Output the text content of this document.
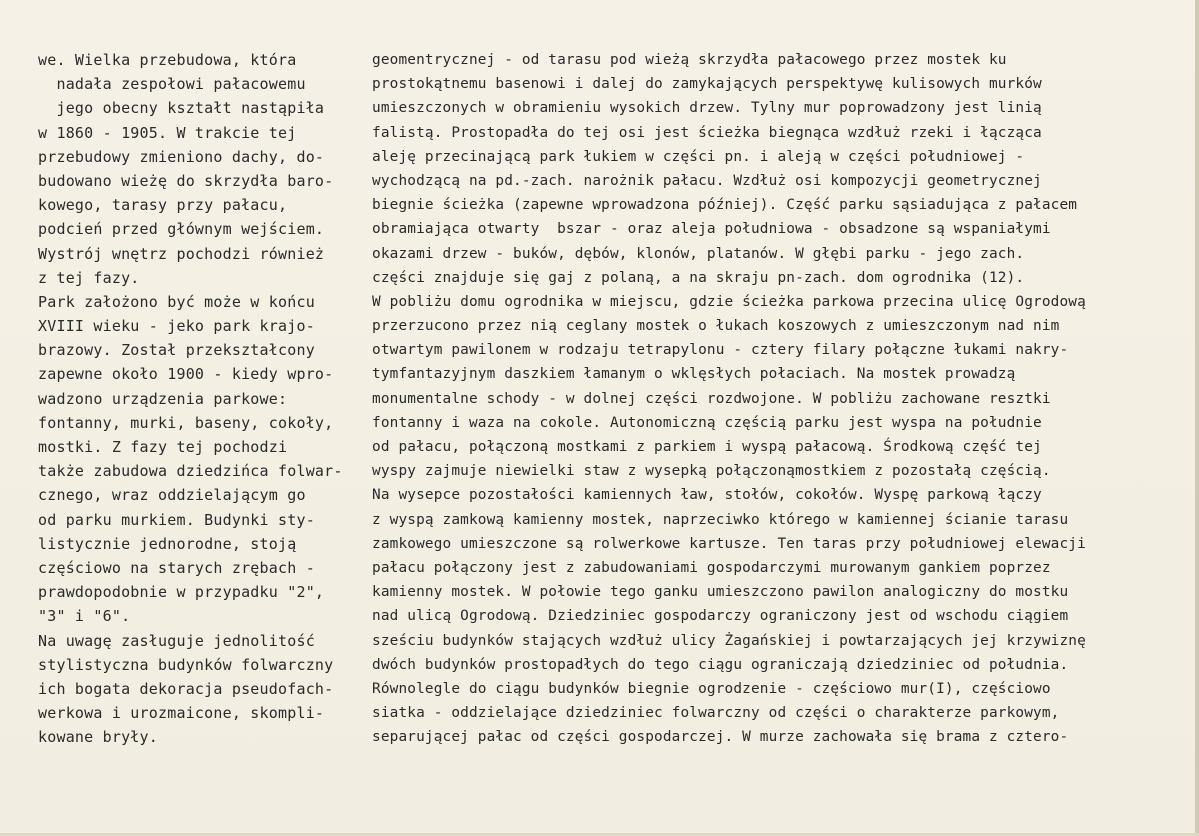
we. Wielka przebudowa, która
nadała zespołowi pałacowemu
jego obecny kształt nastąpiła
w 1860 - 1905. W trakcie tej
przebudowy zmieniono dachy, do-
budowano wieżę do skrzydła baro-
kowego, tarasy przy pałacu,
podcień przed głównym wejściem.
Wystrój wnętrz pochodzi również
z tej fazy.
Park założono być może w końcu
XVIII wieku - jeko park krajo-
brazowy. Został przekształcony
zapewne około 1900 - kiedy wpro-
wadzono urządzenia parkowe:
fontanny, murki, baseny, cokoły,
mostki. Z fazy tej pochodzi
także zabudowa dziedzińca folwar-
cznego, wraz oddzielającym go
od parku murkiem. Budynki sty-
listycznie jednorodne, stoją
częściowo na starych zrębach -
prawdopodobnie w przypadku "2",
"3" i "6".
Na uwagę zasługuje jednolitość
stylistyczna budynków folwarczny
ich bogata dekoracja pseudofach-
werkowa i urozmaicone, skompli-
kowane bryły.
geomentrycznej - od tarasu pod wieżą skrzydła pałacowego przez mostek ku
prostokątnemu basenowi i dalej do zamykających perspektywę kulisowych murków
umieszczonych w obramieniu wysokich drzew. Tylny mur poprowadzony jest linią
falistą. Prostopadła do tej osi jest ścieżka biegnąca wzdłuż rzeki i łącząca
aleję przecinającą park łukiem w części pn. i aleją w części południowej -
wychodzącą na pd.-zach. narożnik pałacu. Wzdłuż osi kompozycji geometrycznej
biegnie ścieżka (zapewne wprowadzona później). Część parku sąsiadująca z pałacem
obramiająca otwarty  bszar - oraz aleja południowa - obsadzone są wspaniałymi
okazami drzew - buków, dębów, klonów, platanów. W głębi parku - jego zach.
części znajduje się gaj z polaną, a na skraju pn-zach. dom ogrodnika (12).
W pobliżu domu ogrodnika w miejscu, gdzie ścieżka parkowa przecina ulicę Ogrodową
przerzucono przez nią ceglany mostek o łukach koszowych z umieszczonym nad nim
otwartym pawilonem w rodzaju tetrapylonu - cztery filary połączne łukami nakry-
tymfantazyjnym daszkiem łamanym o wklęsłych połaciach. Na mostek prowadzą
monumentalne schody - w dolnej części rozdwojone. W pobliżu zachowane resztki
fontanny i waza na cokole. Autonomiczną częścią parku jest wyspa na południe
od pałacu, połączoną mostkami z parkiem i wyspą pałacową. Środkową część tej
wyspy zajmuje niewielki staw z wysepką połączonąmostkiem z pozostałą częścią.
Na wysepce pozostałości kamiennych ław, stołów, cokołów. Wyspę parkową łączy
z wyspą zamkową kamienny mostek, naprzeciwko którego w kamiennej ścianie tarasu
zamkowego umieszczone są rolwerkowe kartusze. Ten taras przy południowej elewacji
pałacu połączony jest z zabudowaniami gospodarczymi murowanym gankiem poprzez
kamienny mostek. W połowie tego ganku umieszczono pawilon analogiczny do mostku
nad ulicą Ogrodową. Dziedziniec gospodarczy ograniczony jest od wschodu ciągiem
sześciu budynków stających wzdłuż ulicy Żagańskiej i powtarzających jej krzywiznę
dwóch budynków prostopadłych do tego ciągu ograniczają dziedziniec od południa.
Równolegle do ciągu budynków biegnie ogrodzenie - częściowo mur(I), częściowo
siatka - oddzielające dziedziniec folwarczny od części o charakterze parkowym,
separującej pałac od części gospodarczej. W murze zachowała się brama z cztero-
